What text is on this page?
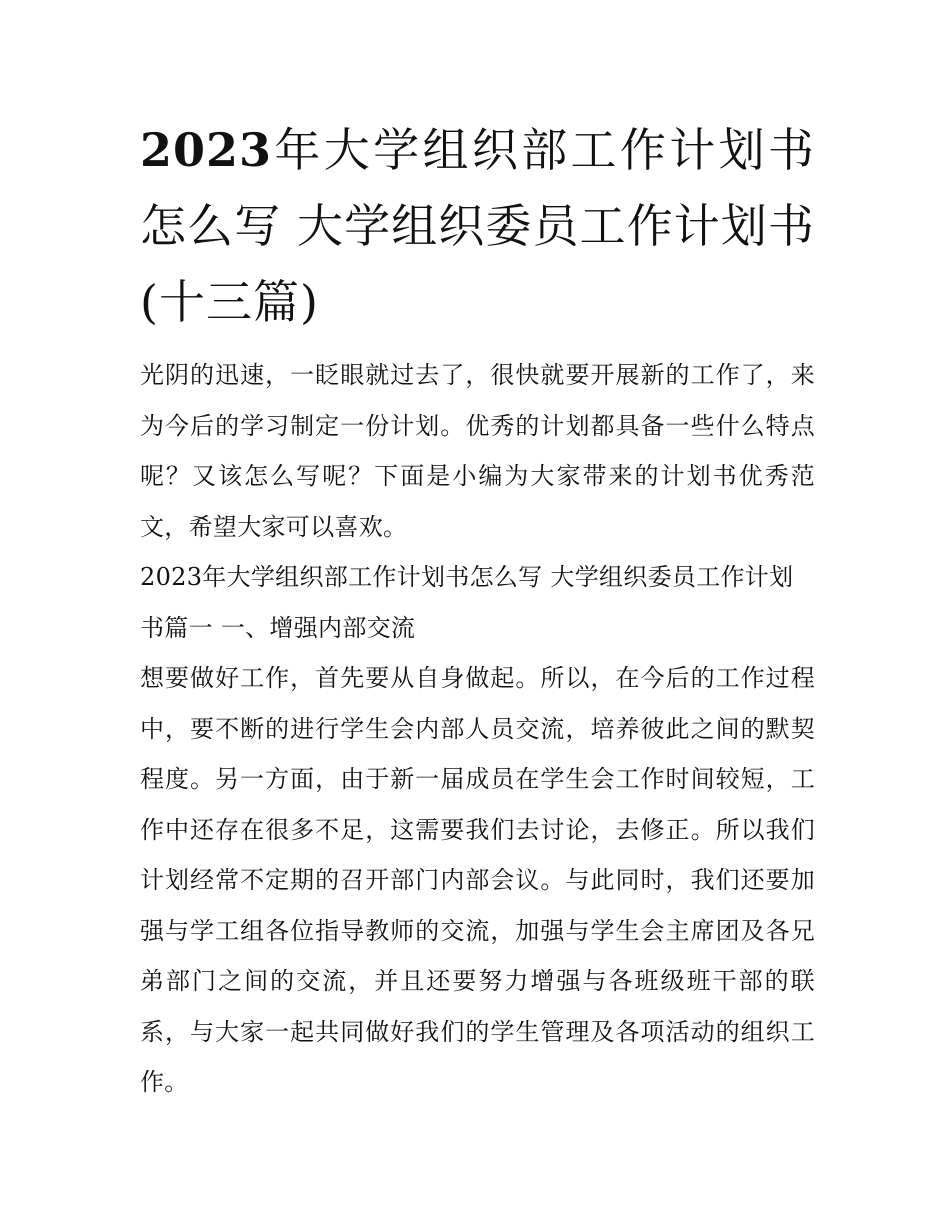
2023年大学组织部工作计划书怎么写 大学组织委员工作计划书(十三篇)

光阴的迅速，一眨眼就过去了，很快就要开展新的工作了，来为今后的学习制定一份计划。优秀的计划都具备一些什么特点呢？又该怎么写呢？下面是小编为大家带来的计划书优秀范文，希望大家可以喜欢。

2023年大学组织部工作计划书怎么写 大学组织委员工作计划书篇一 一、增强内部交流

想要做好工作，首先要从自身做起。所以，在今后的工作过程中，要不断的进行学生会内部人员交流，培养彼此之间的默契程度。另一方面，由于新一届成员在学生会工作时间较短，工作中还存在很多不足，这需要我们去讨论，去修正。所以我们计划经常不定期的召开部门内部会议。与此同时，我们还要加强与学工组各位指导教师的交流，加强与学生会主席团及各兄弟部门之间的交流，并且还要努力增强与各班级班干部的联系，与大家一起共同做好我们的学生管理及各项活动的组织工作。
